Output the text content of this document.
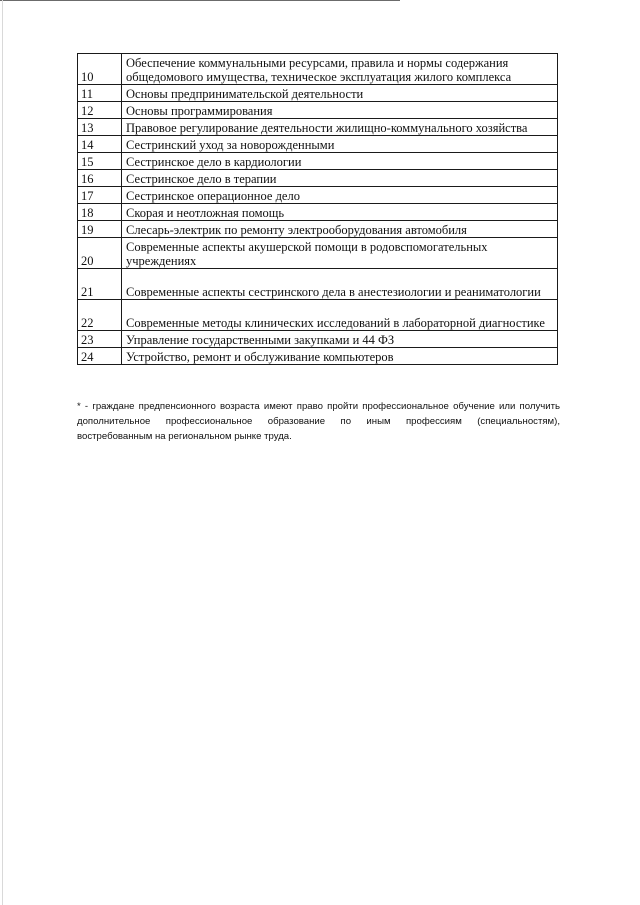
10	Обеспечение коммунальными ресурсами, правила и нормы содержания общедомового имущества, техническое эксплуатация жилого комплекса
11	Основы предпринимательской деятельности
12	Основы программирования
13	Правовое регулирование деятельности жилищно-коммунального хозяйства
14	Сестринский уход за новорожденными
15	Сестринское дело в кардиологии
16	Сестринское дело в терапии
17	Сестринское операционное дело
18	Скорая и неотложная помощь
19	Слесарь-электрик по ремонту электрооборудования автомобиля
20	Современные аспекты акушерской помощи в родовспомогательных учреждениях
21	Современные аспекты сестринского дела в анестезиологии и реаниматологии
22	Современные методы клинических исследований в лабораторной диагностике
23	Управление государственными закупками и 44 ФЗ
24	Устройство, ремонт и обслуживание компьютеров

* - граждане предпенсионного возраста имеют право пройти профессиональное обучение или получить дополнительное профессиональное образование по иным профессиям (специальностям), востребованным на региональном рынке труда.
